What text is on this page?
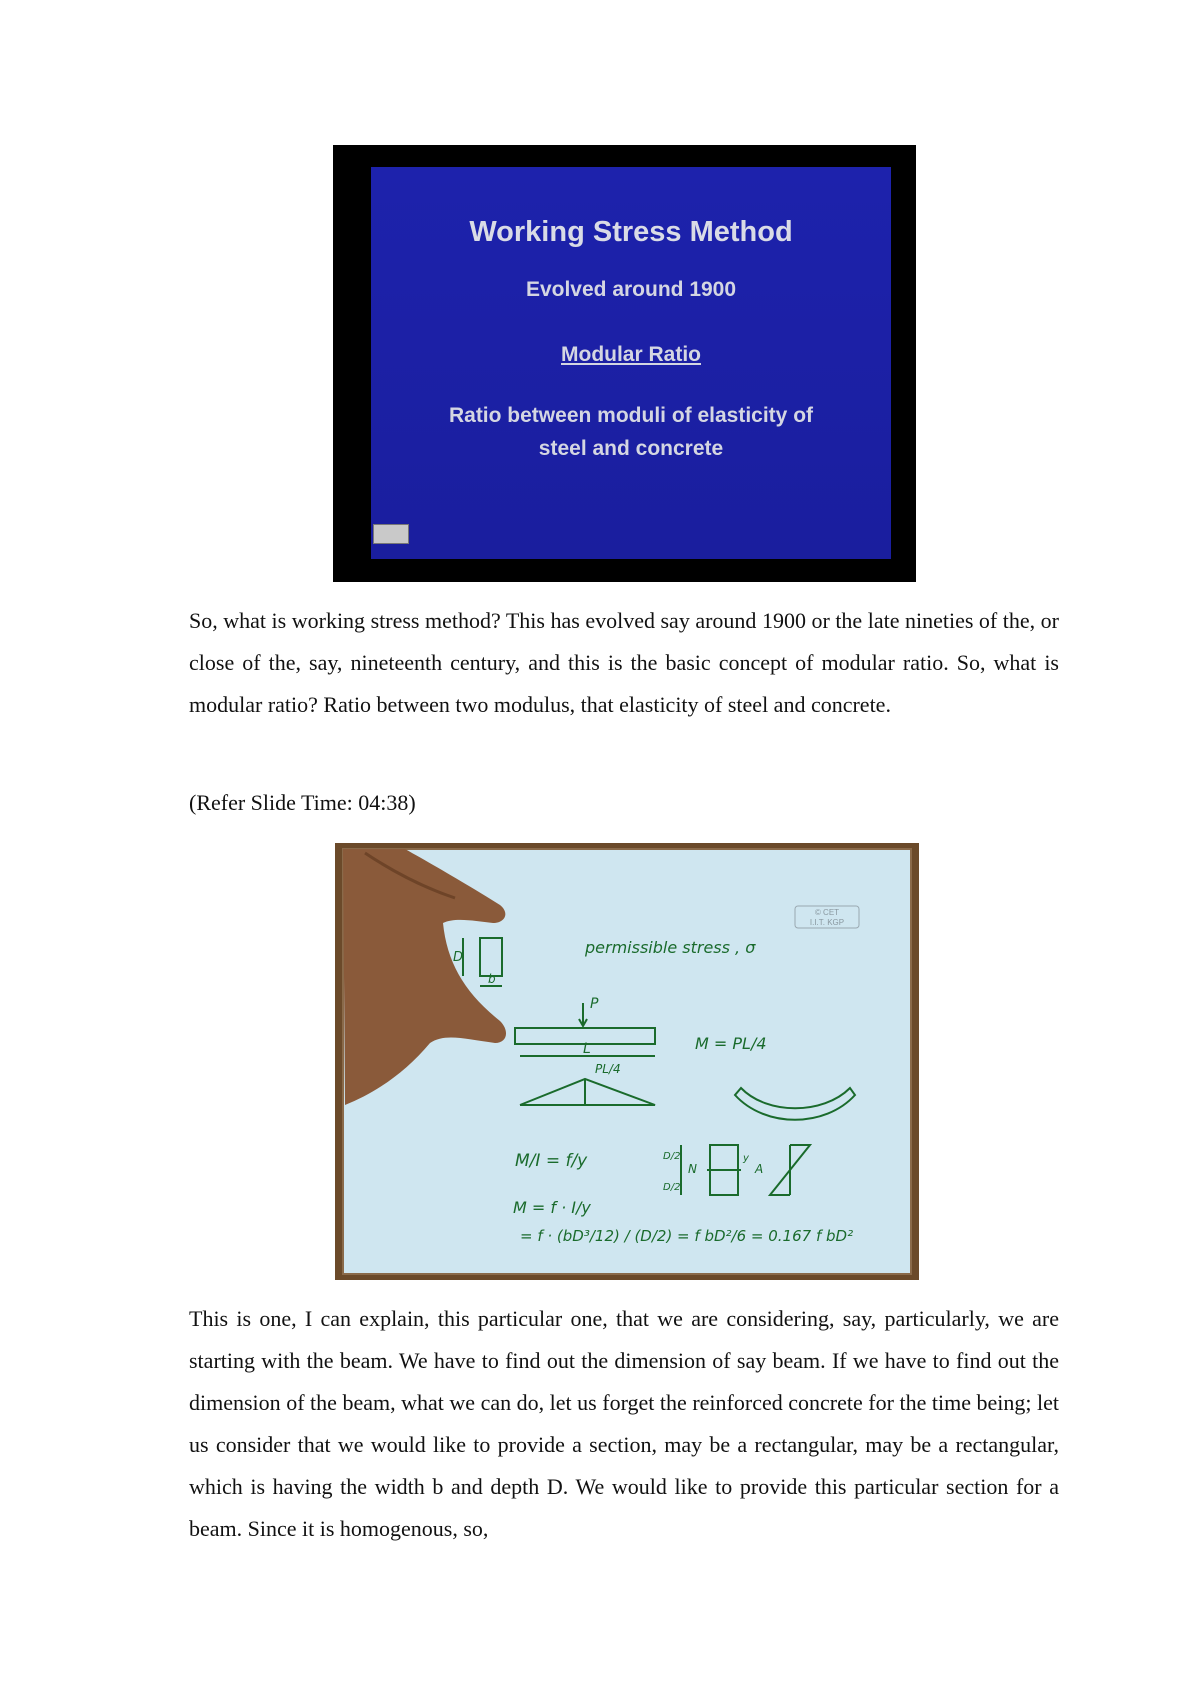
Working Stress Method
Evolved around 1900
Modular Ratio
Ratio between moduli of elasticity of
steel and concrete

So, what is working stress method? This has evolved say around 1900 or the late nineties of the, or close of the, say, nineteenth century, and this is the basic concept of modular ratio. So, what is modular ratio? Ratio between two modulus, that elasticity of steel and concrete.

(Refer Slide Time: 04:38)

© CET
I.I.T. KGP
D
b
P
L
PL/4
permissible stress , σ
M = PL/4
M/I = f/y	D/2
N
D/2
y
A
M = f · I/y
= f · (bD³/12) / (D/2) = f bD²/6 = 0.167 f bD²

This is one, I can explain, this particular one, that we are considering, say, particularly, we are starting with the beam. We have to find out the dimension of say beam. If we have to find out the dimension of the beam, what we can do, let us forget the reinforced concrete for the time being; let us consider that we would like to provide a section, may be a rectangular, may be a rectangular, which is having the width b and depth D. We would like to provide this particular section for a beam. Since it is homogenous, so,
